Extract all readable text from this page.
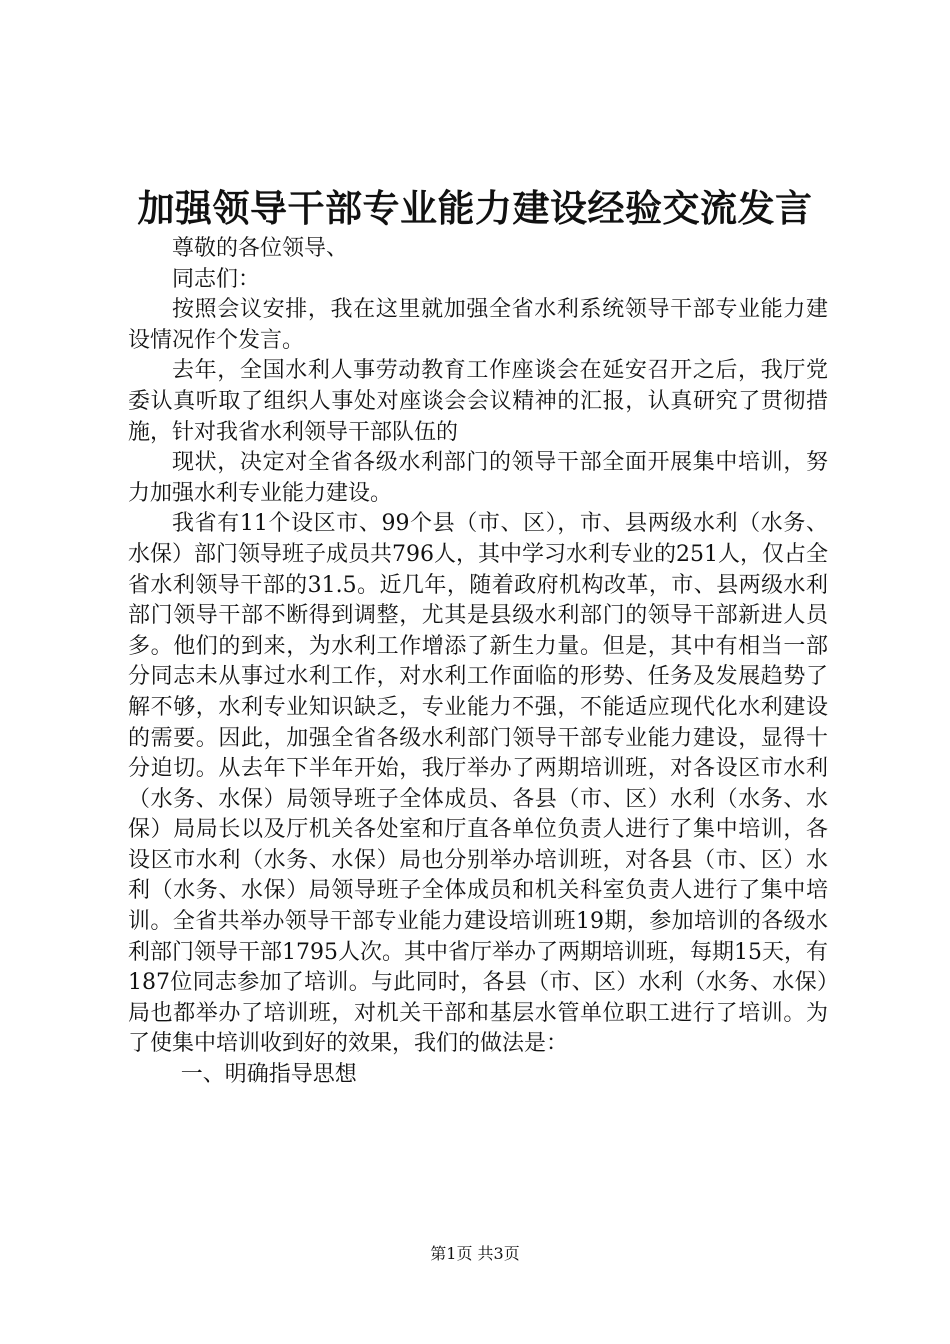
加强领导干部专业能力建设经验交流发言

尊敬的各位领导、

同志们：

按照会议安排，我在这里就加强全省水利系统领导干部专业能力建设情况作个发言。

去年，全国水利人事劳动教育工作座谈会在延安召开之后，我厅党委认真听取了组织人事处对座谈会会议精神的汇报，认真研究了贯彻措施，针对我省水利领导干部队伍的

现状，决定对全省各级水利部门的领导干部全面开展集中培训，努力加强水利专业能力建设。

我省有11个设区市、99个县（市、区），市、县两级水利（水务、水保）部门领导班子成员共796人，其中学习水利专业的251人，仅占全省水利领导干部的31.5。近几年，随着政府机构改革，市、县两级水利部门领导干部不断得到调整，尤其是县级水利部门的领导干部新进人员多。他们的到来，为水利工作增添了新生力量。但是，其中有相当一部分同志未从事过水利工作，对水利工作面临的形势、任务及发展趋势了解不够，水利专业知识缺乏，专业能力不强，不能适应现代化水利建设的需要。因此，加强全省各级水利部门领导干部专业能力建设，显得十分迫切。从去年下半年开始，我厅举办了两期培训班，对各设区市水利（水务、水保）局领导班子全体成员、各县（市、区）水利（水务、水保）局局长以及厅机关各处室和厅直各单位负责人进行了集中培训，各设区市水利（水务、水保）局也分别举办培训班，对各县（市、区）水利（水务、水保）局领导班子全体成员和机关科室负责人进行了集中培训。全省共举办领导干部专业能力建设培训班19期，参加培训的各级水利部门领导干部1795人次。其中省厅举办了两期培训班，每期15天，有187位同志参加了培训。与此同时，各县（市、区）水利（水务、水保）局也都举办了培训班，对机关干部和基层水管单位职工进行了培训。为了使集中培训收到好的效果，我们的做法是：

一、明确指导思想

第1页 共3页
